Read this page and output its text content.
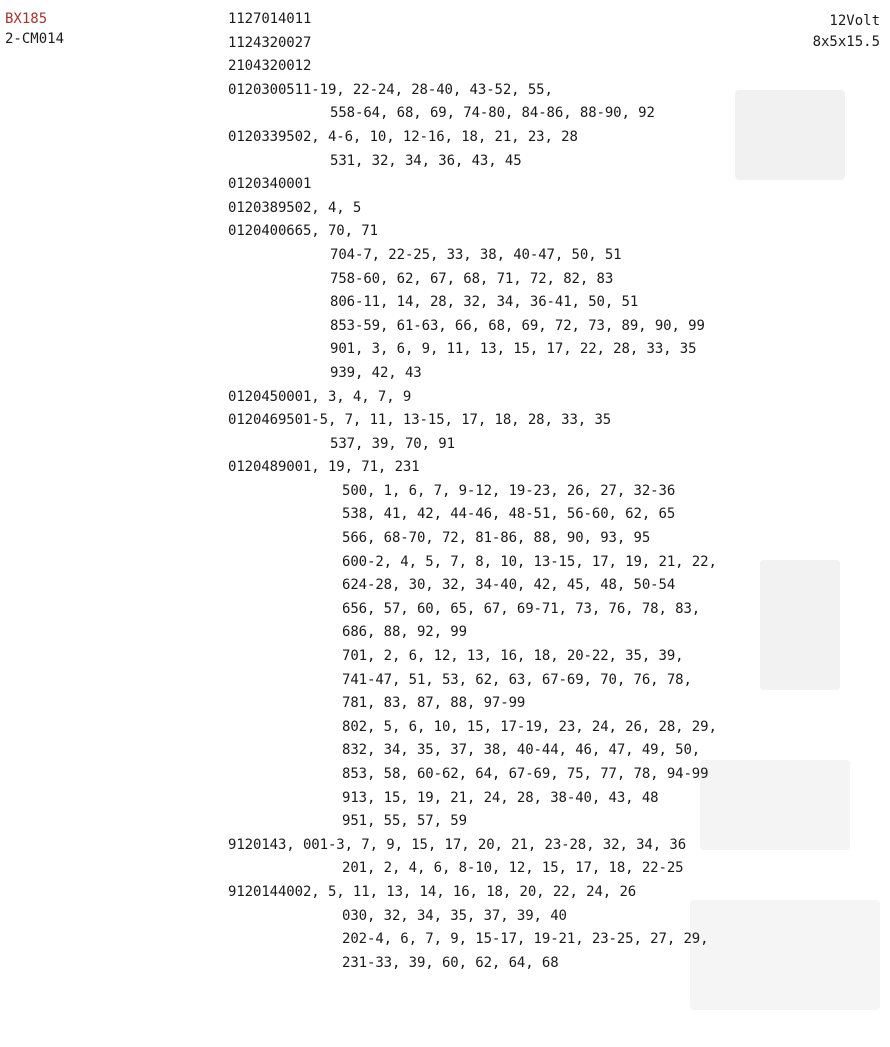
BX185
2-CM014
12Volt
8x5x15.5
1127014011
1124320027
2104320012
0120300511-19, 22-24, 28-40, 43-52, 55,
558-64, 68, 69, 74-80, 84-86, 88-90, 92
0120339502, 4-6, 10, 12-16, 18, 21, 23, 28
531, 32, 34, 36, 43, 45
0120340001
0120389502, 4, 5
0120400665, 70, 71
704-7, 22-25, 33, 38, 40-47, 50, 51
758-60, 62, 67, 68, 71, 72, 82, 83
806-11, 14, 28, 32, 34, 36-41, 50, 51
853-59, 61-63, 66, 68, 69, 72, 73, 89, 90, 99
901, 3, 6, 9, 11, 13, 15, 17, 22, 28, 33, 35
939, 42, 43
0120450001, 3, 4, 7, 9
0120469501-5, 7, 11, 13-15, 17, 18, 28, 33, 35
537, 39, 70, 91
0120489001, 19, 71, 231
500, 1, 6, 7, 9-12, 19-23, 26, 27, 32-36
538, 41, 42, 44-46, 48-51, 56-60, 62, 65
566, 68-70, 72, 81-86, 88, 90, 93, 95
600-2, 4, 5, 7, 8, 10, 13-15, 17, 19, 21, 22,
624-28, 30, 32, 34-40, 42, 45, 48, 50-54
656, 57, 60, 65, 67, 69-71, 73, 76, 78, 83,
686, 88, 92, 99
701, 2, 6, 12, 13, 16, 18, 20-22, 35, 39,
741-47, 51, 53, 62, 63, 67-69, 70, 76, 78,
781, 83, 87, 88, 97-99
802, 5, 6, 10, 15, 17-19, 23, 24, 26, 28, 29,
832, 34, 35, 37, 38, 40-44, 46, 47, 49, 50,
853, 58, 60-62, 64, 67-69, 75, 77, 78, 94-99
913, 15, 19, 21, 24, 28, 38-40, 43, 48
951, 55, 57, 59
9120143, 001-3, 7, 9, 15, 17, 20, 21, 23-28, 32, 34, 36
201, 2, 4, 6, 8-10, 12, 15, 17, 18, 22-25
9120144002, 5, 11, 13, 14, 16, 18, 20, 22, 24, 26
030, 32, 34, 35, 37, 39, 40
202-4, 6, 7, 9, 15-17, 19-21, 23-25, 27, 29,
231-33, 39, 60, 62, 64, 68
